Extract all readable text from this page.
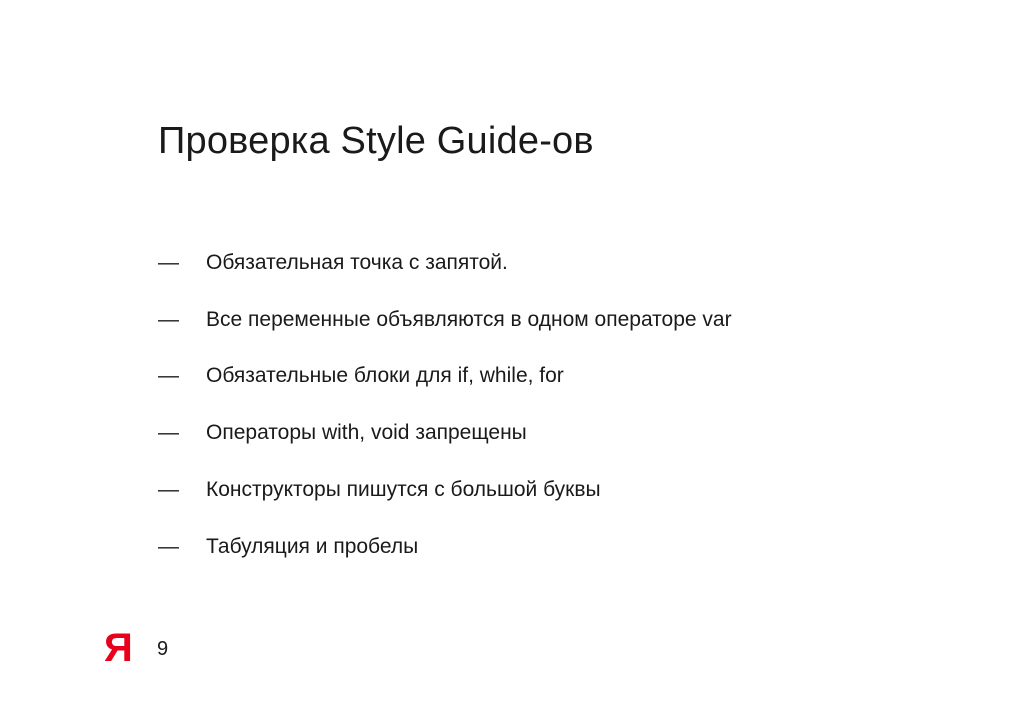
Проверка Style Guide-ов
—	Обязательная точка с запятой.
—	Все переменные объявляются в одном операторе var
—	Обязательные блоки для if, while, for
—	Операторы with, void запрещены
—	Конструкторы пишутся с большой буквы
—	Табуляция и пробелы
Я 9
